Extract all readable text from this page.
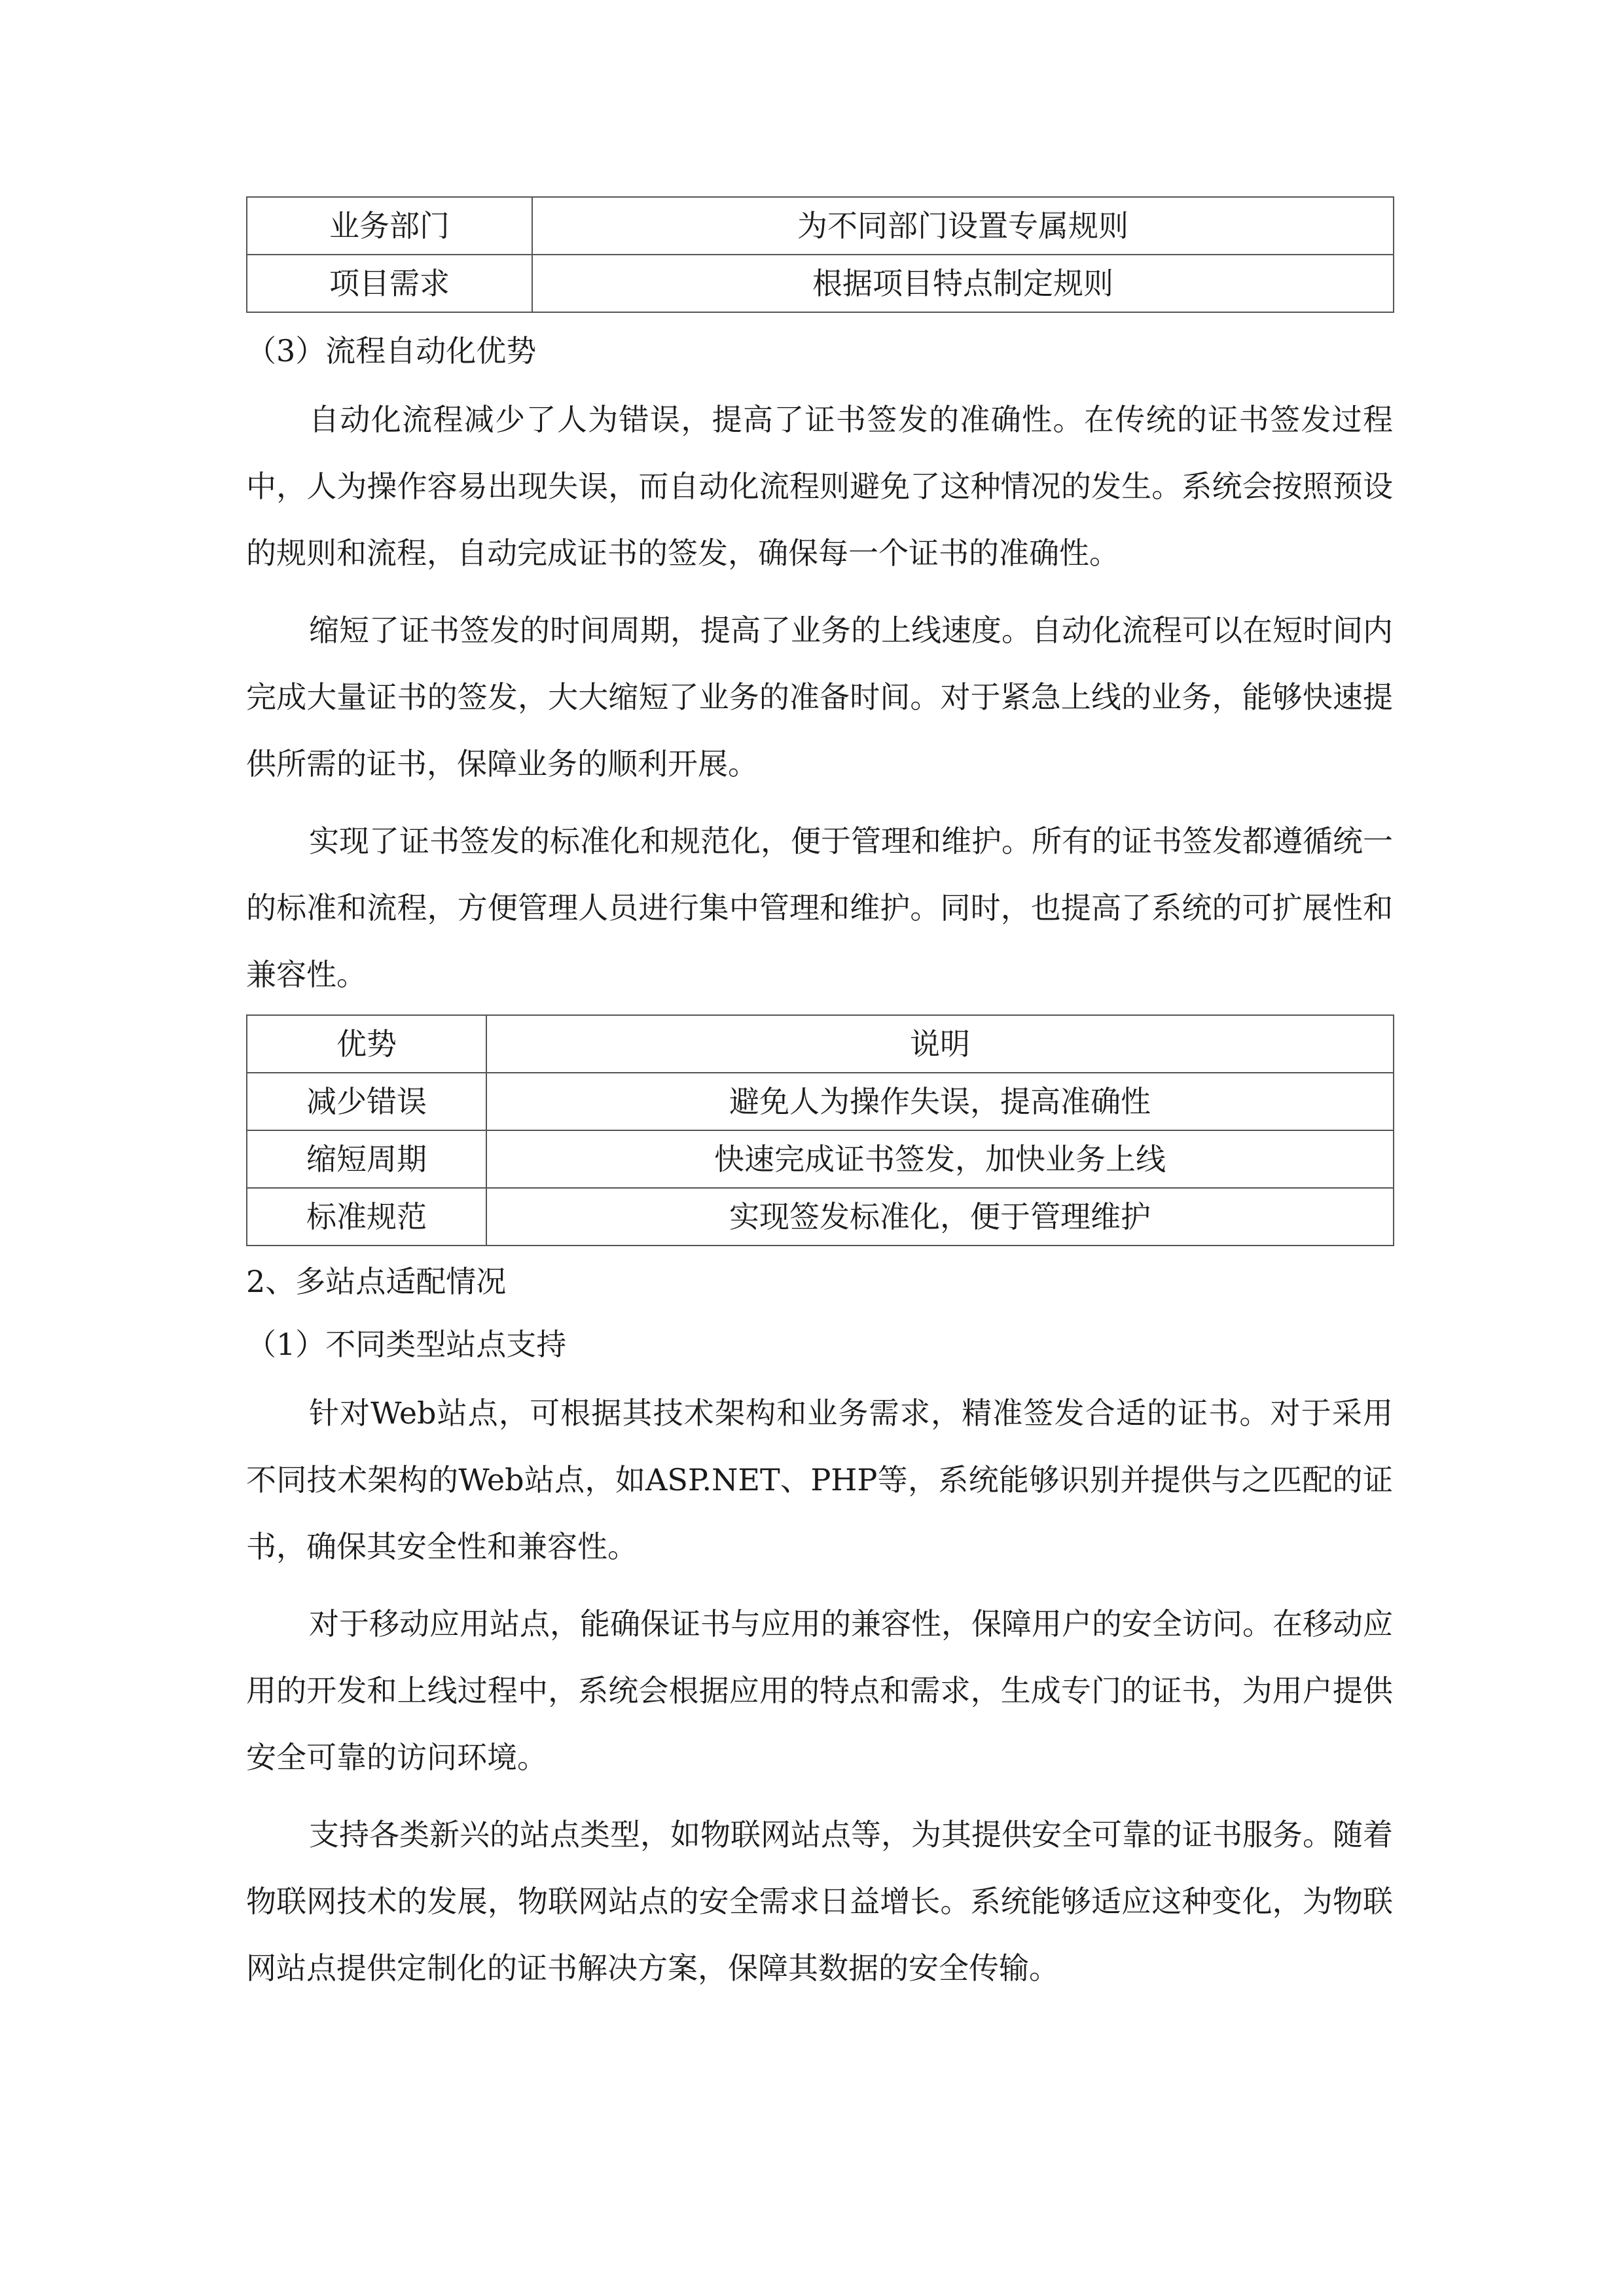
业务部门	为不同部门设置专属规则
项目需求	根据项目特点制定规则

（3）流程自动化优势

自动化流程减少了人为错误，提高了证书签发的准确性。在传统的证书签发过程中，人为操作容易出现失误，而自动化流程则避免了这种情况的发生。系统会按照预设的规则和流程，自动完成证书的签发，确保每一个证书的准确性。

缩短了证书签发的时间周期，提高了业务的上线速度。自动化流程可以在短时间内完成大量证书的签发，大大缩短了业务的准备时间。对于紧急上线的业务，能够快速提供所需的证书，保障业务的顺利开展。

实现了证书签发的标准化和规范化，便于管理和维护。所有的证书签发都遵循统一的标准和流程，方便管理人员进行集中管理和维护。同时，也提高了系统的可扩展性和兼容性。

优势	说明
减少错误	避免人为操作失误，提高准确性
缩短周期	快速完成证书签发，加快业务上线
标准规范	实现签发标准化，便于管理维护

2、多站点适配情况

（1）不同类型站点支持

针对Web站点，可根据其技术架构和业务需求，精准签发合适的证书。对于采用不同技术架构的Web站点，如ASP.NET、PHP等，系统能够识别并提供与之匹配的证书，确保其安全性和兼容性。

对于移动应用站点，能确保证书与应用的兼容性，保障用户的安全访问。在移动应用的开发和上线过程中，系统会根据应用的特点和需求，生成专门的证书，为用户提供安全可靠的访问环境。

支持各类新兴的站点类型，如物联网站点等，为其提供安全可靠的证书服务。随着物联网技术的发展，物联网站点的安全需求日益增长。系统能够适应这种变化，为物联网站点提供定制化的证书解决方案，保障其数据的安全传输。
